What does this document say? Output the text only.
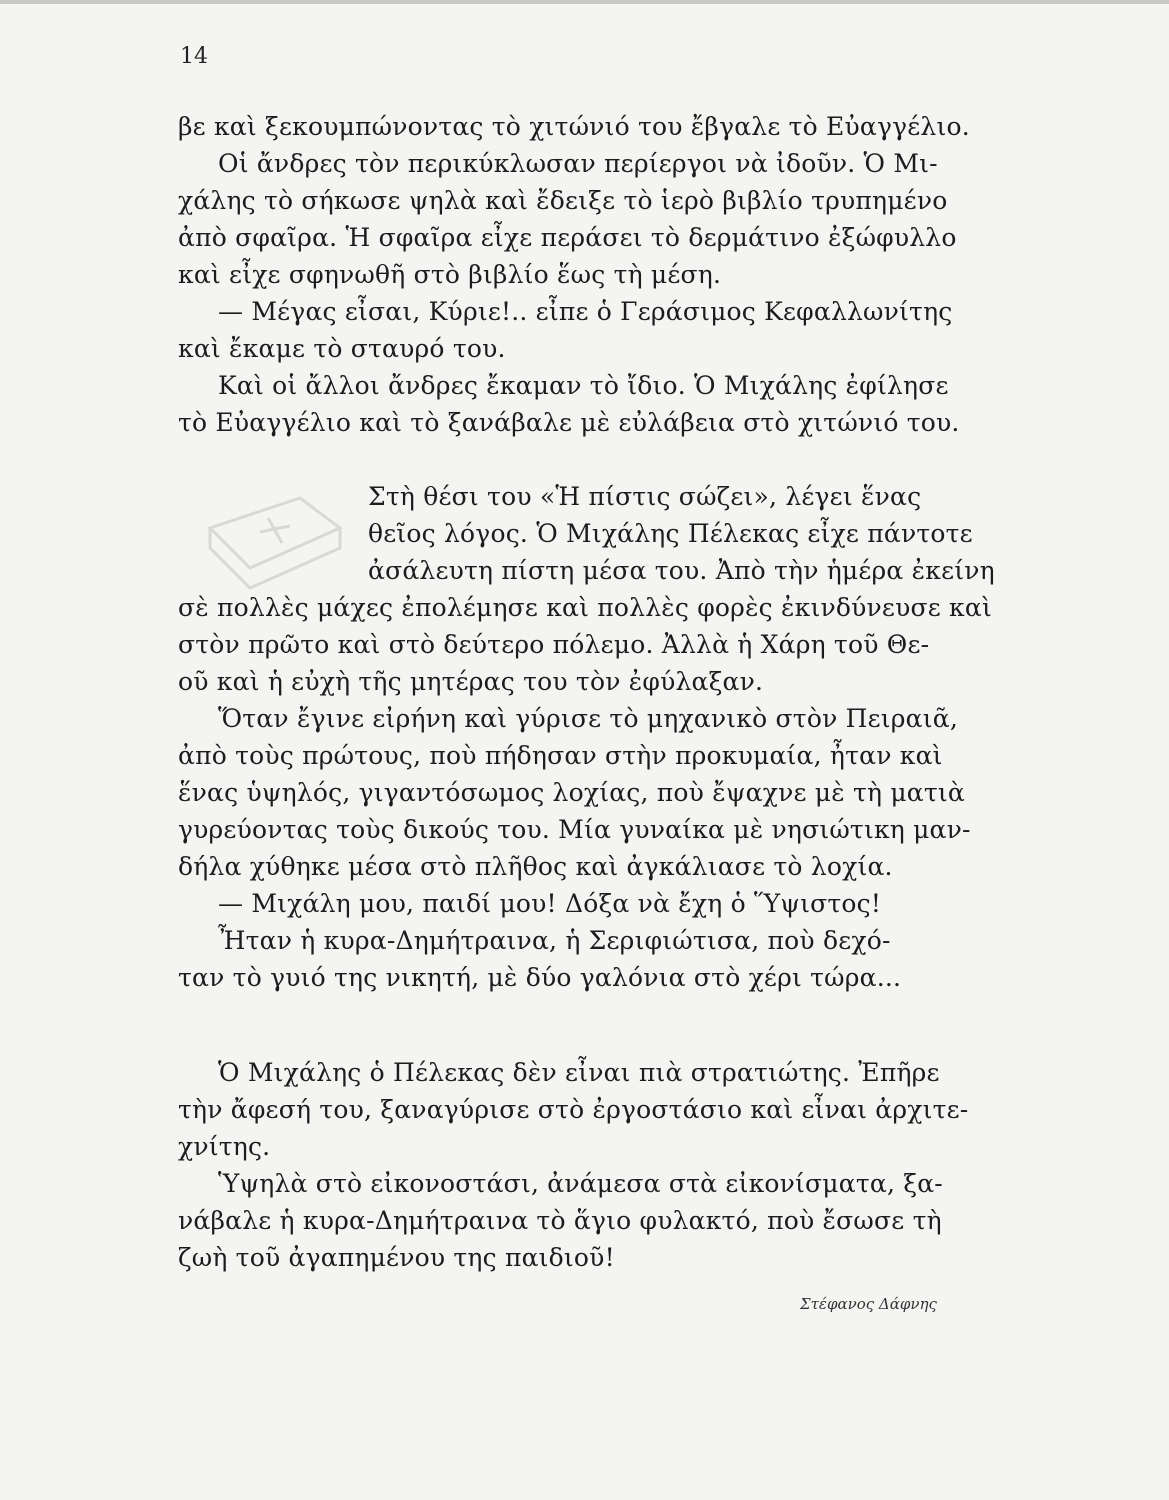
14
βε καὶ ξεκουμπώνοντας τὸ χιτώνιό του ἔβγαλε τὸ Εὐαγγέλιο.
Οἱ ἄνδρες τὸν περικύκλωσαν περίεργοι νὰ ἰδοῦν. Ὁ Μι-
χάλης τὸ σήκωσε ψηλὰ καὶ ἔδειξε τὸ ἱερὸ βιβλίο τρυπημένο
ἀπὸ σφαῖρα. Ἡ σφαῖρα εἶχε περάσει τὸ δερμάτινο ἐξώφυλλο
καὶ εἶχε σφηνωθῆ στὸ βιβλίο ἕως τὴ μέση.
— Μέγας εἶσαι, Κύριε!.. εἶπε ὁ Γεράσιμος Κεφαλλωνίτης
καὶ ἔκαμε τὸ σταυρό του.
Καὶ οἱ ἄλλοι ἄνδρες ἔκαμαν τὸ ἴδιο. Ὁ Μιχάλης ἐφίλησε
τὸ Εὐαγγέλιο καὶ τὸ ξανάβαλε μὲ εὐλάβεια στὸ χιτώνιό του.
Στὴ θέσι του «Ἡ πίστις σώζει», λέγει ἕνας
θεῖος λόγος. Ὁ Μιχάλης Πέλεκας εἶχε πάντοτε
ἀσάλευτη πίστη μέσα του. Ἀπὸ τὴν ἡμέρα ἐκείνη
σὲ πολλὲς μάχες ἐπολέμησε καὶ πολλὲς φορὲς ἐκινδύνευσε καὶ
στὸν πρῶτο καὶ στὸ δεύτερο πόλεμο. Ἀλλὰ ἡ Χάρη τοῦ Θε-
οῦ καὶ ἡ εὐχὴ τῆς μητέρας του τὸν ἐφύλαξαν.
Ὅταν ἔγινε εἰρήνη καὶ γύρισε τὸ μηχανικὸ στὸν Πειραιᾶ,
ἀπὸ τοὺς πρώτους, ποὺ πήδησαν στὴν προκυμαία, ἦταν καὶ
ἕνας ὑψηλός, γιγαντόσωμος λοχίας, ποὺ ἔψαχνε μὲ τὴ ματιὰ
γυρεύοντας τοὺς δικούς του. Μία γυναίκα μὲ νησιώτικη μαν-
δήλα χύθηκε μέσα στὸ πλῆθος καὶ ἀγκάλιασε τὸ λοχία.
— Μιχάλη μου, παιδί μου! Δόξα νὰ ἔχη ὁ Ὕψιστος!
Ἦταν ἡ κυρα-Δημήτραινα, ἡ Σεριφιώτισα, ποὺ δεχό-
ταν τὸ γυιό της νικητή, μὲ δύο γαλόνια στὸ χέρι τώρα...
Ὁ Μιχάλης ὁ Πέλεκας δὲν εἶναι πιὰ στρατιώτης. Ἐπῆρε
τὴν ἄφεσή του, ξαναγύρισε στὸ ἐργοστάσιο καὶ εἶναι ἀρχιτε-
χνίτης.
Ὑψηλὰ στὸ εἰκονοστάσι, ἀνάμεσα στὰ εἰκονίσματα, ξα-
νάβαλε ἡ κυρα-Δημήτραινα τὸ ἅγιο φυλακτό, ποὺ ἔσωσε τὴ
ζωὴ τοῦ ἀγαπημένου της παιδιοῦ!
Στέφανος Δάφνης
